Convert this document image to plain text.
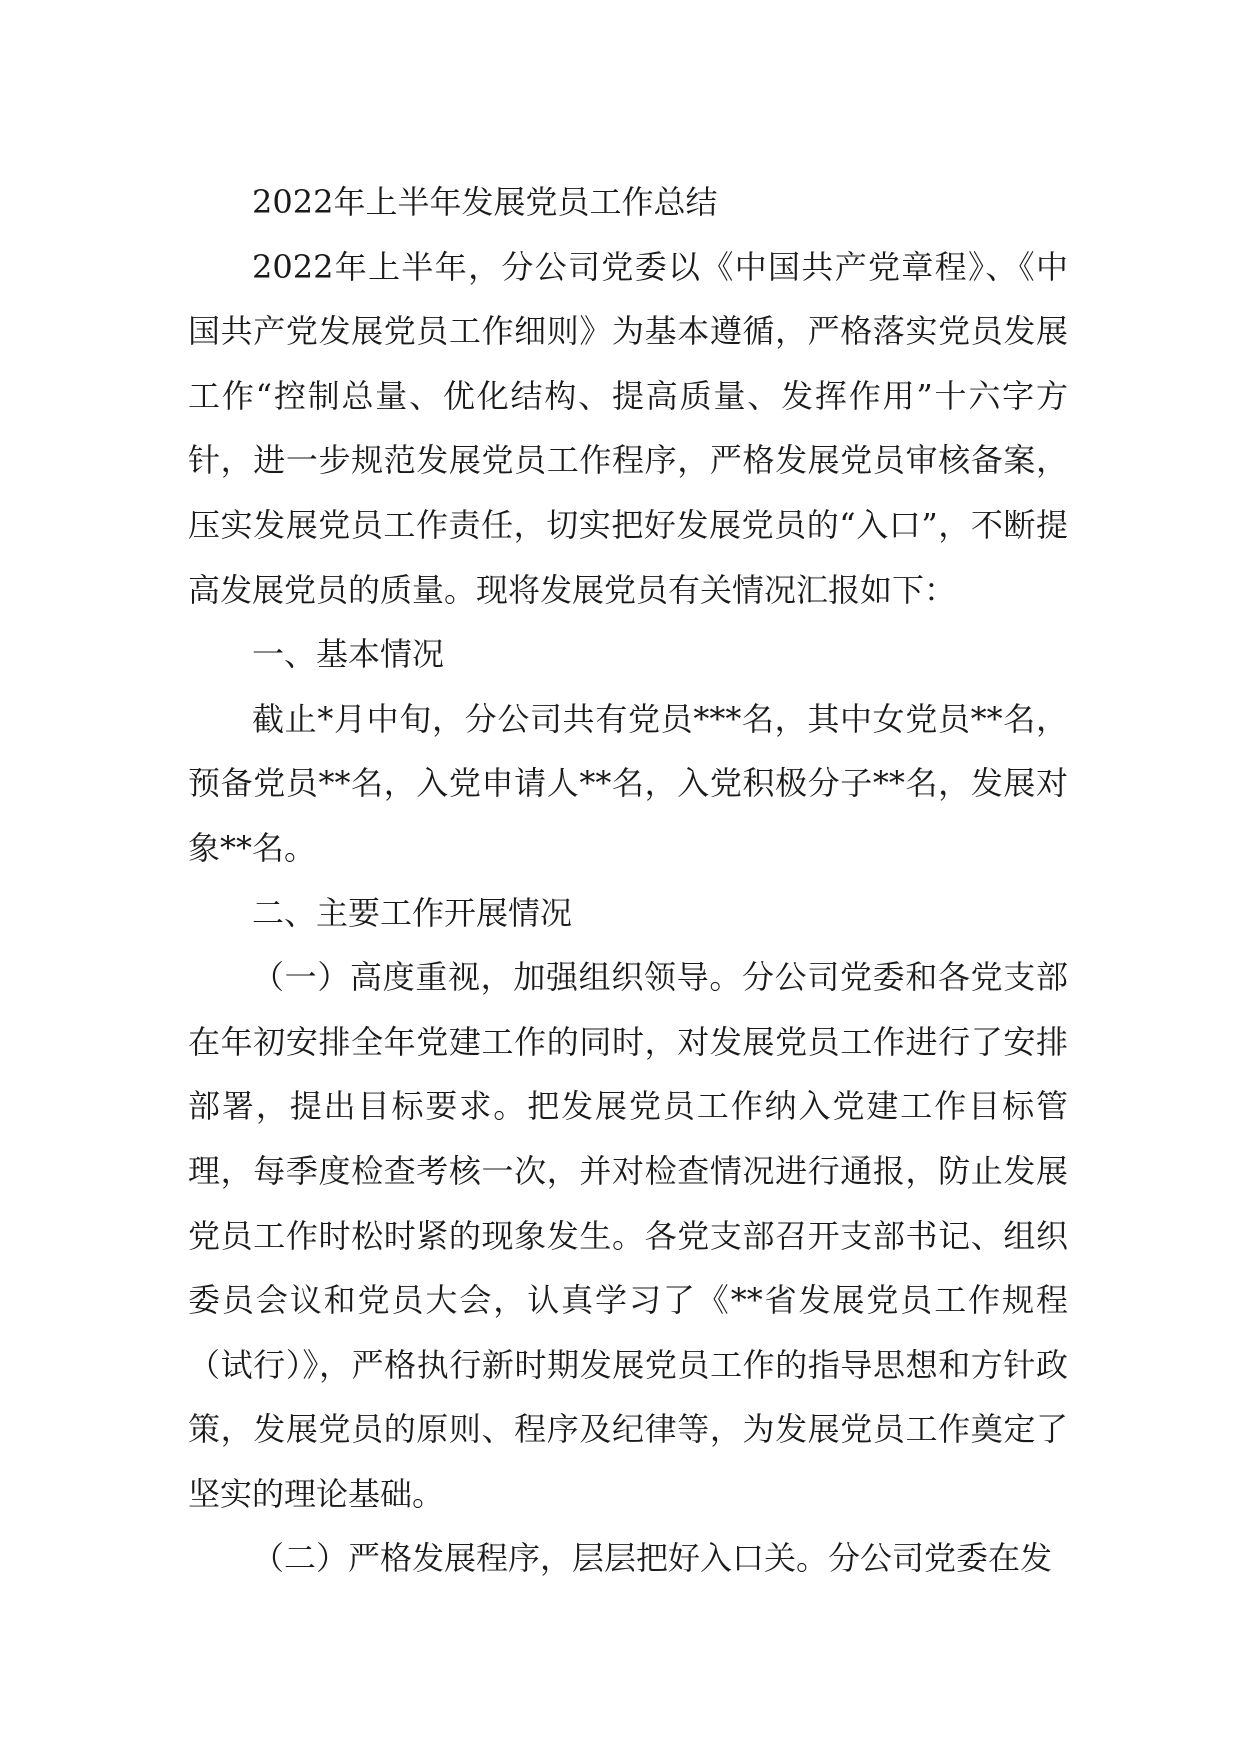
2022年上半年发展党员工作总结

2022年上半年，分公司党委以《中国共产党章程》、《中国共产党发展党员工作细则》为基本遵循，严格落实党员发展工作“控制总量、优化结构、提高质量、发挥作用”十六字方针，进一步规范发展党员工作程序，严格发展党员审核备案，压实发展党员工作责任，切实把好发展党员的“入口”，不断提高发展党员的质量。现将发展党员有关情况汇报如下：

一、基本情况

截止*月中旬，分公司共有党员***名，其中女党员**名，预备党员**名，入党申请人**名，入党积极分子**名，发展对象**名。

二、主要工作开展情况

（一）高度重视，加强组织领导。分公司党委和各党支部在年初安排全年党建工作的同时，对发展党员工作进行了安排部署，提出目标要求。把发展党员工作纳入党建工作目标管理，每季度检查考核一次，并对检查情况进行通报，防止发展党员工作时松时紧的现象发生。各党支部召开支部书记、组织委员会议和党员大会，认真学习了《**省发展党员工作规程（试行）》，严格执行新时期发展党员工作的指导思想和方针政策，发展党员的原则、程序及纪律等，为发展党员工作奠定了坚实的理论基础。

（二）严格发展程序，层层把好入口关。分公司党委在发
